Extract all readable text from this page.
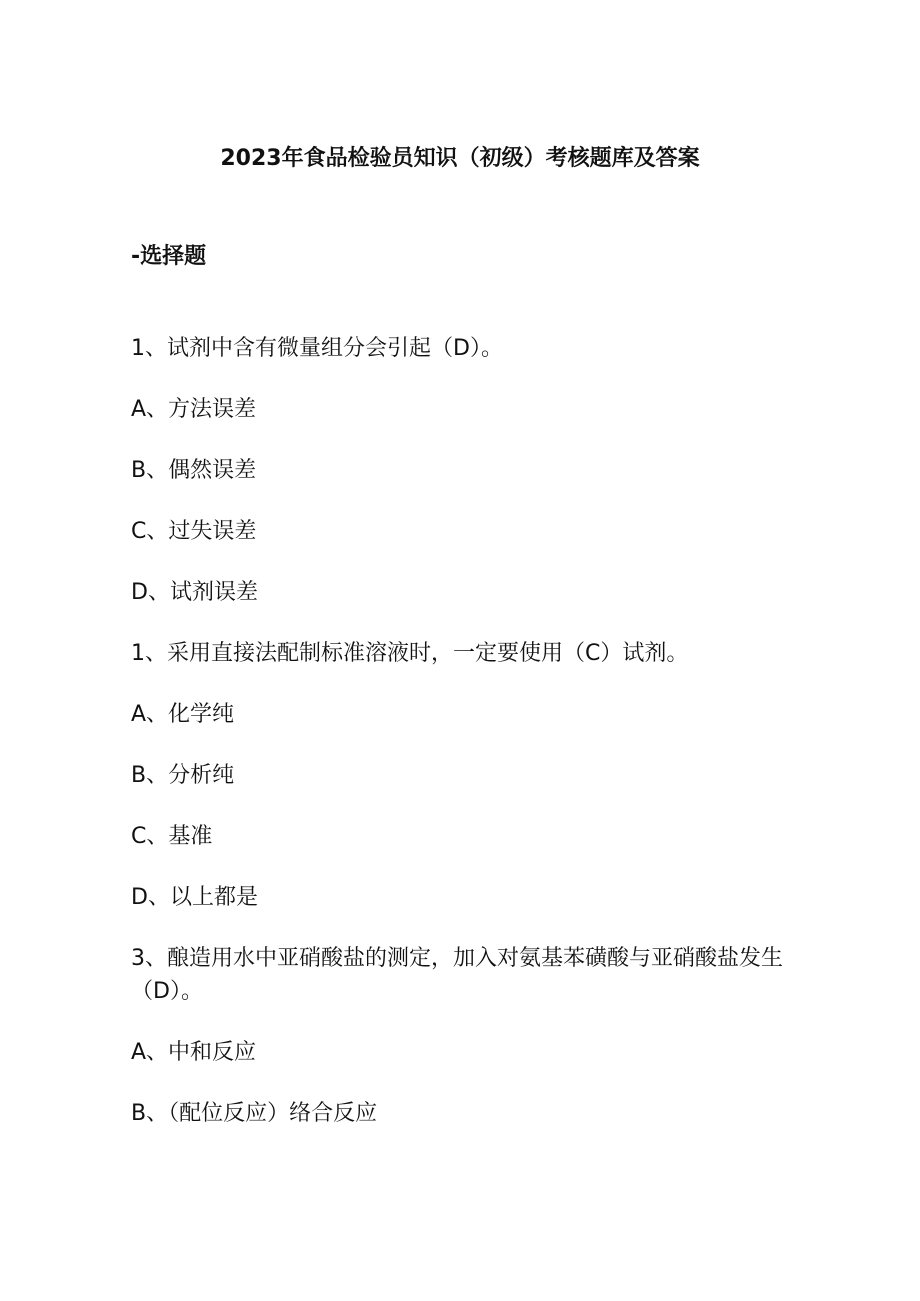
2023年食品检验员知识（初级）考核题库及答案
-选择题

1、试剂中含有微量组分会引起（D）。

A、方法误差

B、偶然误差

C、过失误差

D、试剂误差

1、采用直接法配制标准溶液时，一定要使用（C）试剂。

A、化学纯

B、分析纯

C、基准

D、以上都是

3、酿造用水中亚硝酸盐的测定，加入对氨基苯磺酸与亚硝酸盐发生（D）。

A、中和反应

B、（配位反应）络合反应
